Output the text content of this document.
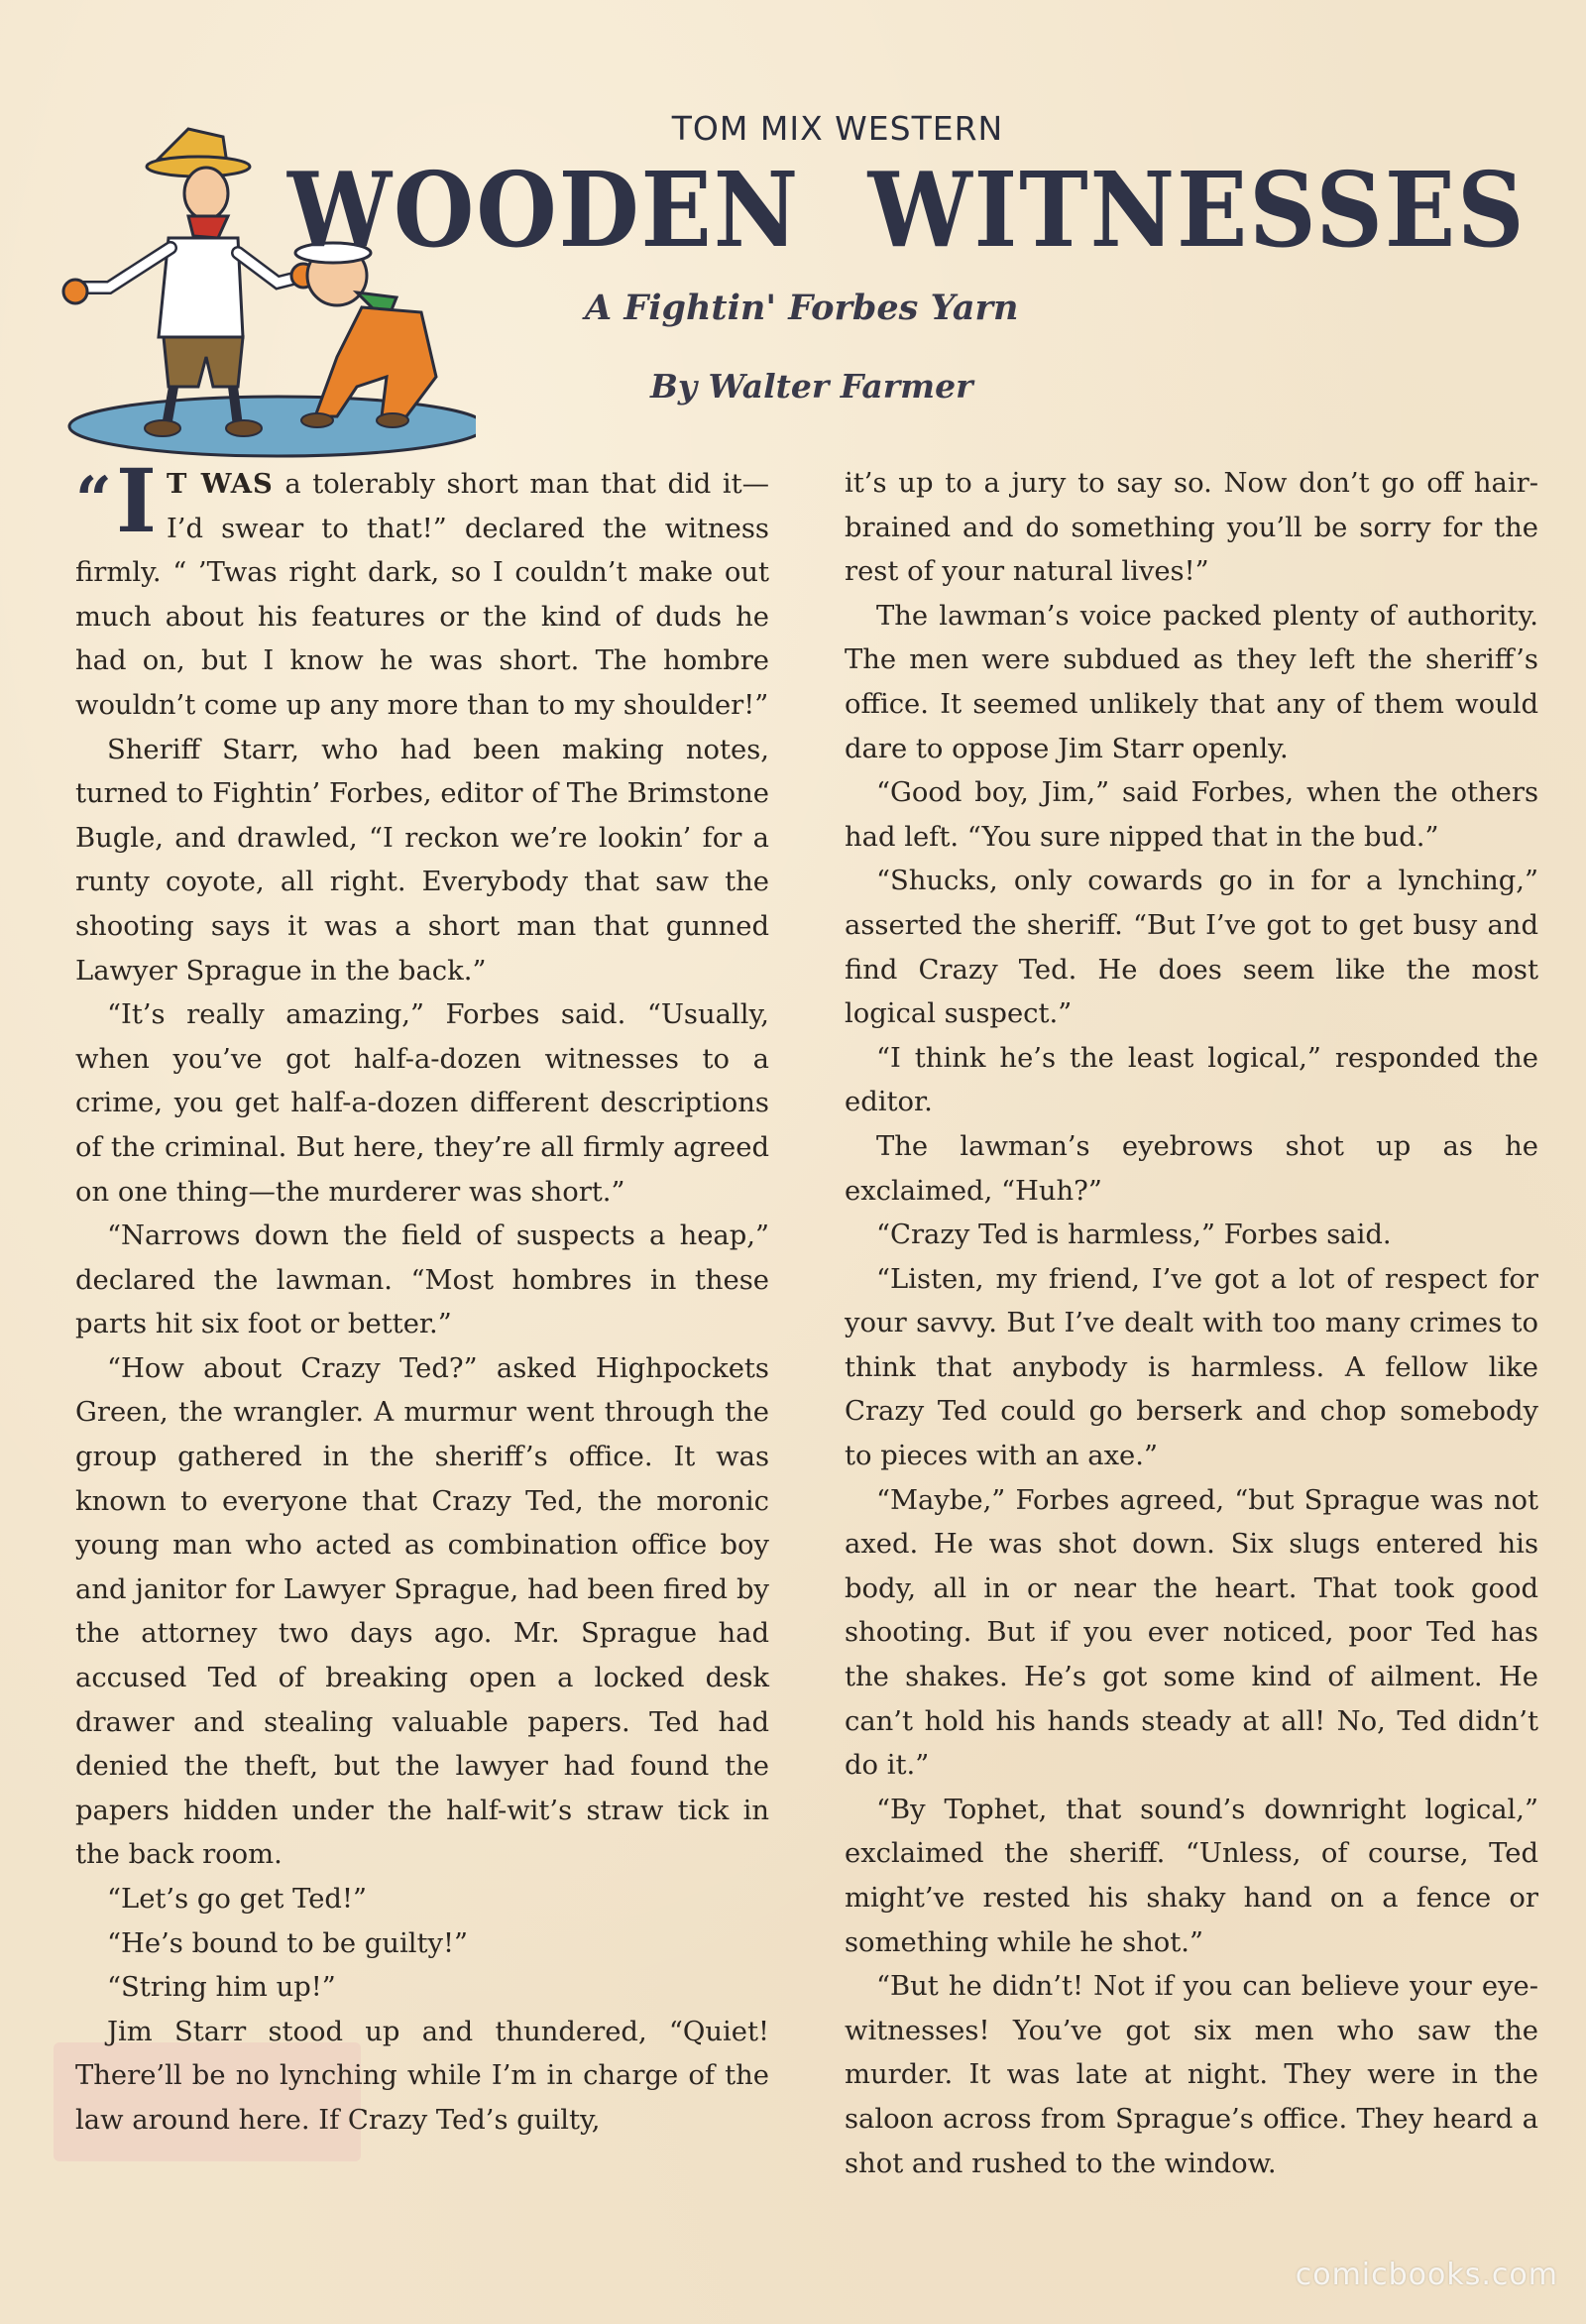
TOM MIX WESTERN
WOODEN WITNESSES
A Fightin' Forbes Yarn
By Walter Farmer

“I T WAS a tolerably short man that did it—I’d swear to that!” declared the witness firmly. “ ’Twas right dark, so I couldn’t make out much about his features or the kind of duds he had on, but I know he was short. The hombre wouldn’t come up any more than to my shoulder!”

Sheriff Starr, who had been making notes, turned to Fightin’ Forbes, editor of The Brimstone Bugle, and drawled, “I reckon we’re lookin’ for a runty coyote, all right. Everybody that saw the shooting says it was a short man that gunned Lawyer Sprague in the back.”

“It’s really amazing,” Forbes said. “Usually, when you’ve got half-a-dozen witnesses to a crime, you get half-a-dozen different descriptions of the criminal. But here, they’re all firmly agreed on one thing—the murderer was short.”

“Narrows down the field of suspects a heap,” declared the lawman. “Most hombres in these parts hit six foot or better.”

“How about Crazy Ted?” asked Highpockets Green, the wrangler. A murmur went through the group gathered in the sheriff’s office. It was known to everyone that Crazy Ted, the moronic young man who acted as combination office boy and janitor for Lawyer Sprague, had been fired by the attorney two days ago. Mr. Sprague had accused Ted of breaking open a locked desk drawer and stealing valuable papers. Ted had denied the theft, but the lawyer had found the papers hidden under the half-wit’s straw tick in the back room.

“Let’s go get Ted!”

“He’s bound to be guilty!”

“String him up!”

Jim Starr stood up and thundered, “Quiet! There’ll be no lynching while I’m in charge of the law around here. If Crazy Ted’s guilty,

it’s up to a jury to say so. Now don’t go off hair-brained and do something you’ll be sorry for the rest of your natural lives!”

The lawman’s voice packed plenty of authority. The men were subdued as they left the sheriff’s office. It seemed unlikely that any of them would dare to oppose Jim Starr openly.

“Good boy, Jim,” said Forbes, when the others had left. “You sure nipped that in the bud.”

“Shucks, only cowards go in for a lynching,” asserted the sheriff. “But I’ve got to get busy and find Crazy Ted. He does seem like the most logical suspect.”

“I think he’s the least logical,” responded the editor.

The lawman’s eyebrows shot up as he exclaimed, “Huh?”

“Crazy Ted is harmless,” Forbes said.

“Listen, my friend, I’ve got a lot of respect for your savvy. But I’ve dealt with too many crimes to think that anybody is harmless. A fellow like Crazy Ted could go berserk and chop somebody to pieces with an axe.”

“Maybe,” Forbes agreed, “but Sprague was not axed. He was shot down. Six slugs entered his body, all in or near the heart. That took good shooting. But if you ever noticed, poor Ted has the shakes. He’s got some kind of ailment. He can’t hold his hands steady at all! No, Ted didn’t do it.”

“By Tophet, that sound’s downright logical,” exclaimed the sheriff. “Unless, of course, Ted might’ve rested his shaky hand on a fence or something while he shot.”

“But he didn’t! Not if you can believe your eye-witnesses! You’ve got six men who saw the murder. It was late at night. They were in the saloon across from Sprague’s office. They heard a shot and rushed to the window.

comicbooks.com
